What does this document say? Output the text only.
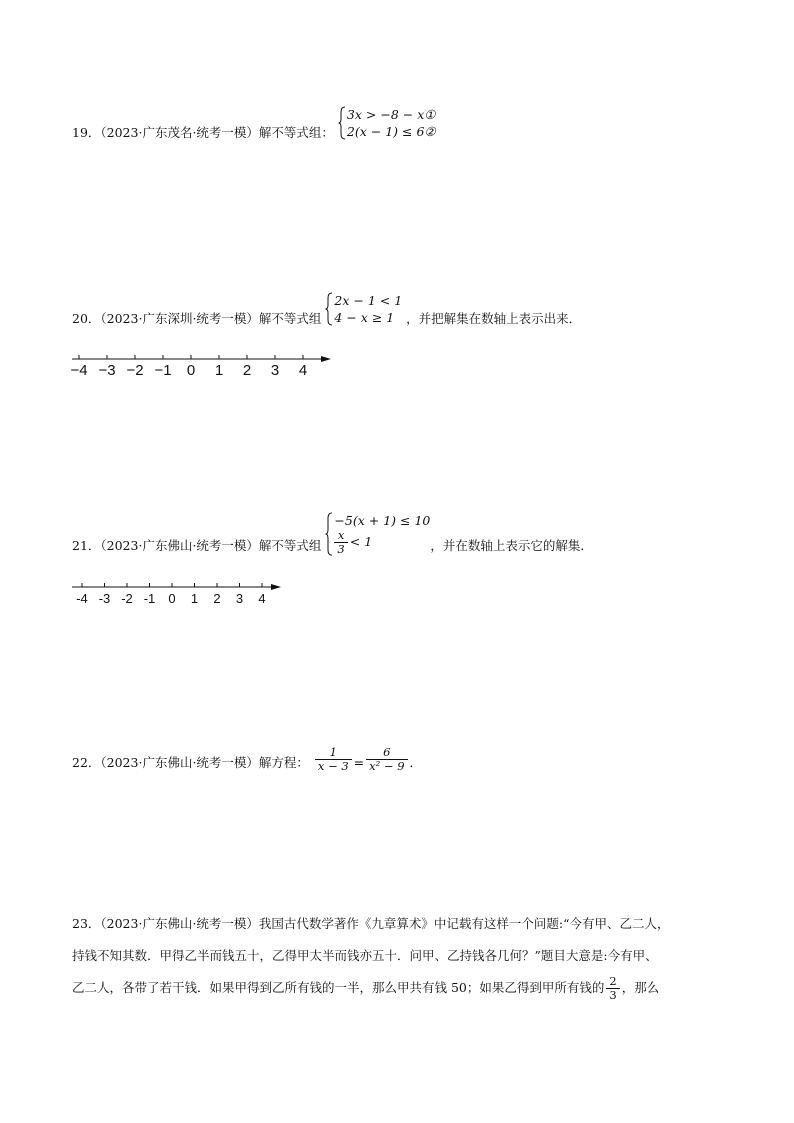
19．（2023·广东茂名·统考一模）解不等式组：
3x > −8 − x①
2(x − 1) ≤ 6②
20．（2023·广东深圳·统考一模）解不等式组
2x − 1 < 1
4 − x ≥ 1 ，并把解集在数轴上表示出来．
−4 −3 −2 −1 0 1 2 3 4
21．（2023·广东佛山·统考一模）解不等式组
−5(x + 1) ≤ 10
$\frac{x}{3} < 1$	，并在数轴上表示它的解集．
-4 -3 -2 -1 0 1 2 3 4
22．（2023·广东佛山·统考一模）解方程： $\frac{1}{x - 3} = \frac{6}{\text{x² − 9}}$ ．
23．（2023·广东佛山·统考一模）我国古代数学著作《九章算术》中记载有这样一个问题:“今有甲、乙二人，
持钱不知其数．甲得乙半而钱五十，乙得甲太半而钱亦五十．问甲、乙持钱各几何？”题目大意是:今有甲、
乙二人，各带了若干钱．如果甲得到乙所有钱的一半，那么甲共有钱 50；如果乙得到甲所有钱的 $\frac{2}{3}$ ，那么
